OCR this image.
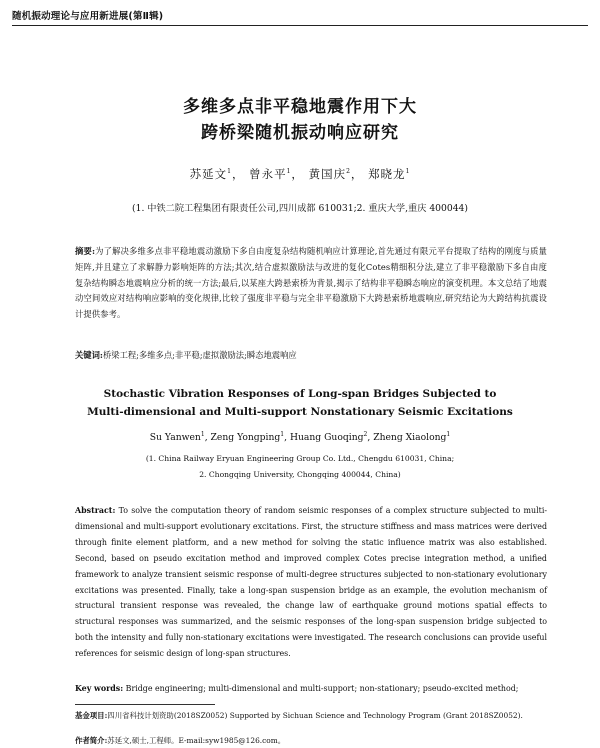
随机振动理论与应用新进展(第Ⅱ辑)
多维多点非平稳地震作用下大
跨桥梁随机振动响应研究
苏延文$^1$， 曾永平$^1$， 黄国庆$^2$， 郑晓龙$^1$
(1. 中铁二院工程集团有限责任公司,四川成都 610031;2. 重庆大学,重庆 400044)
摘要:为了解决多维多点非平稳地震动激励下多自由度复杂结构随机响应计算理论,首先通过有限元平台提取了结构的刚度与质量矩阵,并且建立了求解静力影响矩阵的方法;其次,结合虚拟激励法与改进的复化Cotes精细积分法,建立了非平稳激励下多自由度复杂结构瞬态地震响应分析的统一方法;最后,以某座大跨悬索桥为背景,揭示了结构非平稳瞬态响应的演变机理。本文总结了地震动空间效应对结构响应影响的变化规律,比较了强度非平稳与完全非平稳激励下大跨悬索桥地震响应,研究结论为大跨结构抗震设计提供参考。
关键词:桥梁工程;多维多点;非平稳;虚拟激励法;瞬态地震响应
Stochastic Vibration Responses of Long-span Bridges Subjected to
Multi-dimensional and Multi-support Nonstationary Seismic Excitations
Su Yanwen$^1$, Zeng Yongping$^1$, Huang Guoqing$^2$, Zheng Xiaolong$^1$
(1. China Railway Eryuan Engineering Group Co. Ltd., Chengdu 610031, China;
2. Chongqing University, Chongqing 400044, China)
Abstract: To solve the computation theory of random seismic responses of a complex structure subjected to multi-dimensional and multi-support evolutionary excitations. First, the structure stiffness and mass matrices were derived through finite element platform, and a new method for solving the static influence matrix was also established. Second, based on pseudo excitation method and improved complex Cotes precise integration method, a unified framework to analyze transient seismic response of multi-degree structures subjected to non-stationary evolutionary excitations was presented. Finally, take a long-span suspension bridge as an example, the evolution mechanism of structural transient response was revealed, the change law of earthquake ground motions spatial effects to structural responses was summarized, and the seismic responses of the long-span suspension bridge subjected to both the intensity and fully non-stationary excitations were investigated. The research conclusions can provide useful references for seismic design of long-span structures.
Key words: Bridge engineering; multi-dimensional and multi-support; non-stationary; pseudo-excited method;
基金项目:四川省科技计划资助(2018SZ0052) Supported by Sichuan Science and Technology Program (Grant 2018SZ0052).
作者简介:苏延文,硕士,工程师。E-mail:syw1985@126.com。
